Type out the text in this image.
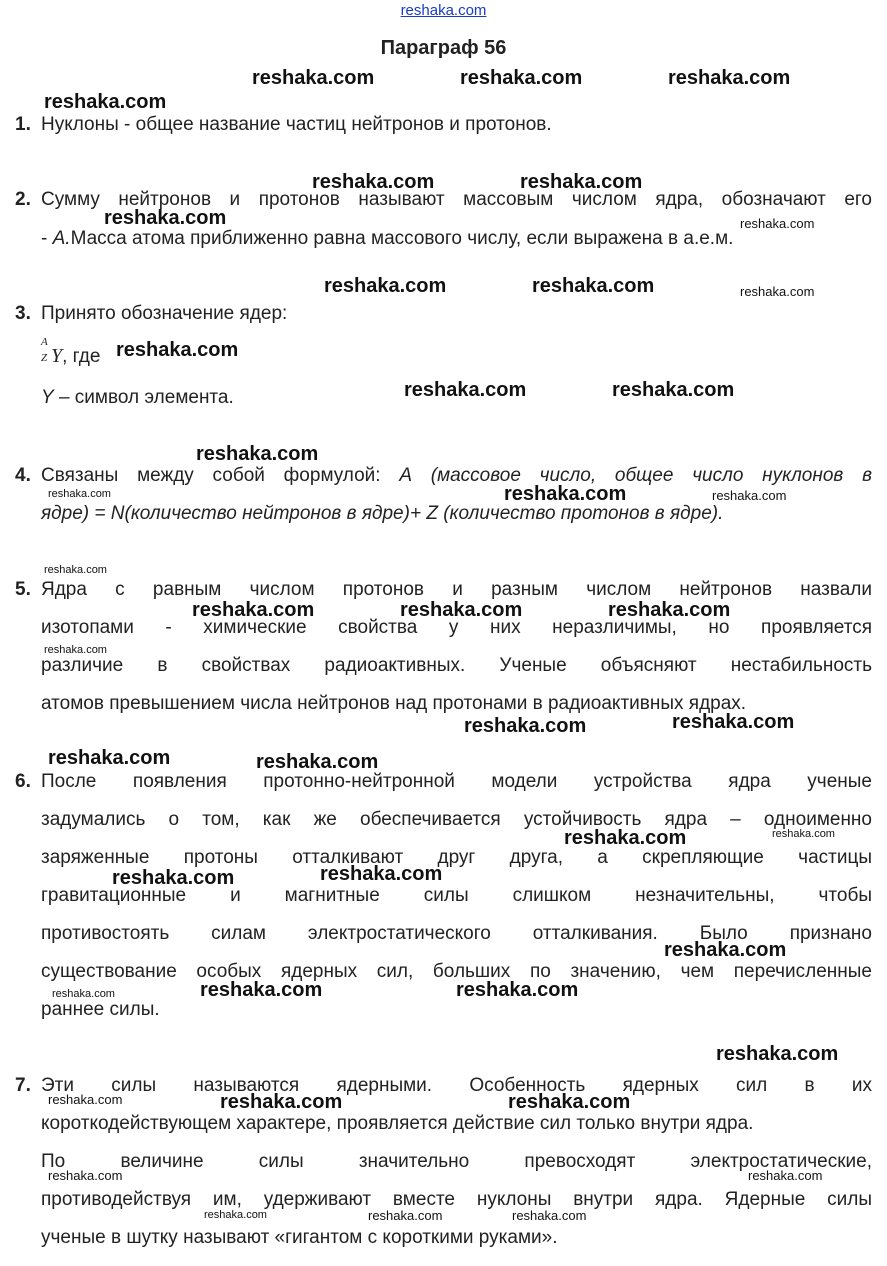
reshaka.com
Параграф 56
1. Нуклоны - общее название частиц нейтронов и протонов.
2. Сумму нейтронов и протонов называют массовым числом ядра, обозначают его
- А.Масса атома приближенно равна массового числу, если выражена в а.е.м.
3. Принято обозначение ядер:
A
Z Y, где
Y – символ элемента.
4. Связаны между собой формулой: А (массовое число, общее число нуклонов в
ядре) = N(количество нейтронов в ядре)+ Z (количество протонов в ядре).
5. Ядра с равным числом протонов и разным числом нейтронов назвали
изотопами - химические свойства у них неразличимы, но проявляется
различие в свойствах радиоактивных. Ученые объясняют нестабильность
атомов превышением числа нейтронов над протонами в радиоактивных ядрах.
6. После появления протонно-нейтронной модели устройства ядра ученые
задумались о том, как же обеспечивается устойчивость ядра – одноименно
заряженные протоны отталкивают друг друга, а скрепляющие частицы
гравитационные и магнитные силы слишком незначительны, чтобы
противостоять силам электростатического отталкивания. Было признано
существование особых ядерных сил, больших по значению, чем перечисленные
раннее силы.
7. Эти силы называются ядерными. Особенность ядерных сил в их
короткодействующем характере, проявляется действие сил только внутри ядра.
По величине силы значительно превосходят электростатические,
противодействуя им, удерживают вместе нуклоны внутри ядра. Ядерные силы
ученые в шутку называют «гигантом с короткими руками».
reshaka.com	reshaka.com	reshaka.com
reshaka.com
reshaka.com	reshaka.com
reshaka.com	reshaka.com
reshaka.com	reshaka.com	reshaka.com
reshaka.com
reshaka.com	reshaka.com
reshaka.com
reshaka.com	reshaka.com
reshaka.com
reshaka.com
reshaka.com	reshaka.com	reshaka.com
reshaka.com
reshaka.com
reshaka.com
reshaka.com	reshaka.com
reshaka.com	reshaka.com
reshaka.com
reshaka.com
reshaka.com
reshaka.com	reshaka.com
reshaka.com
reshaka.com
reshaka.com	reshaka.com	reshaka.com
reshaka.com	reshaka.com
reshaka.com	reshaka.com	reshaka.com
